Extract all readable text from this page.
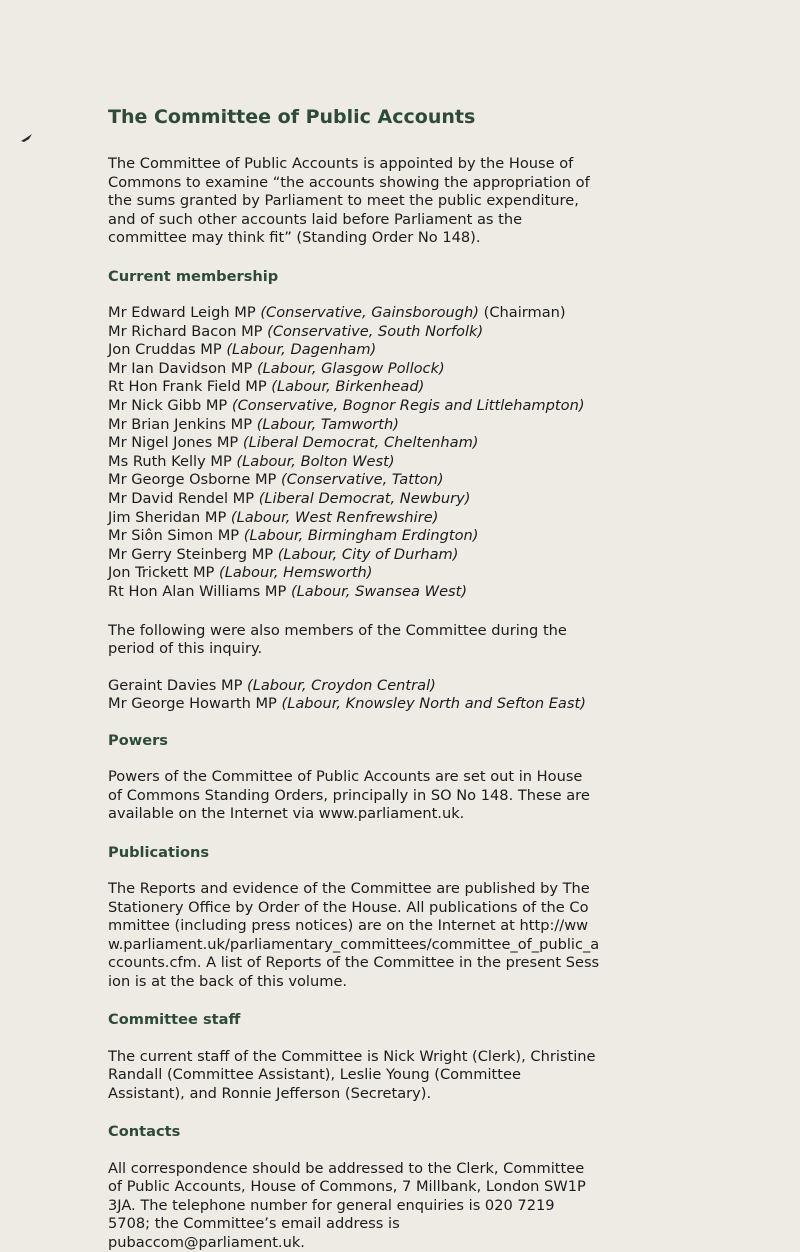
The Committee of Public Accounts

The Committee of Public Accounts is appointed by the House of Commons to examine “the accounts showing the appropriation of the sums granted by Parliament to meet the public expenditure, and of such other accounts laid before Parliament as the committee may think fit” (Standing Order No 148).

Current membership

Mr Edward Leigh MP (Conservative, Gainsborough) (Chairman)

Mr Richard Bacon MP (Conservative, South Norfolk)

Jon Cruddas MP (Labour, Dagenham)

Mr Ian Davidson MP (Labour, Glasgow Pollock)

Rt Hon Frank Field MP (Labour, Birkenhead)

Mr Nick Gibb MP (Conservative, Bognor Regis and Littlehampton)

Mr Brian Jenkins MP (Labour, Tamworth)

Mr Nigel Jones MP (Liberal Democrat, Cheltenham)

Ms Ruth Kelly MP (Labour, Bolton West)

Mr George Osborne MP (Conservative, Tatton)

Mr David Rendel MP (Liberal Democrat, Newbury)

Jim Sheridan MP (Labour, West Renfrewshire)

Mr Siôn Simon MP (Labour, Birmingham Erdington)

Mr Gerry Steinberg MP (Labour, City of Durham)

Jon Trickett MP (Labour, Hemsworth)

Rt Hon Alan Williams MP (Labour, Swansea West)

The following were also members of the Committee during the period of this inquiry.

Geraint Davies MP (Labour, Croydon Central)

Mr George Howarth MP (Labour, Knowsley North and Sefton East)

Powers

Powers of the Committee of Public Accounts are set out in House of Commons Standing Orders, principally in SO No 148. These are available on the Internet via www.parliament.uk.

Publications

The Reports and evidence of the Committee are published by The Stationery Office by Order of the House. All publications of the Committee (including press notices) are on the Internet at http://www.parliament.uk/parliamentary_committees/committee_of_public_accounts.cfm. A list of Reports of the Committee in the present Session is at the back of this volume.

Committee staff

The current staff of the Committee is Nick Wright (Clerk), Christine Randall (Committee Assistant), Leslie Young (Committee Assistant), and Ronnie Jefferson (Secretary).

Contacts

All correspondence should be addressed to the Clerk, Committee of Public Accounts, House of Commons, 7 Millbank, London SW1P 3JA. The telephone number for general enquiries is 020 7219 5708; the Committee’s email address is pubaccom@parliament.uk.
